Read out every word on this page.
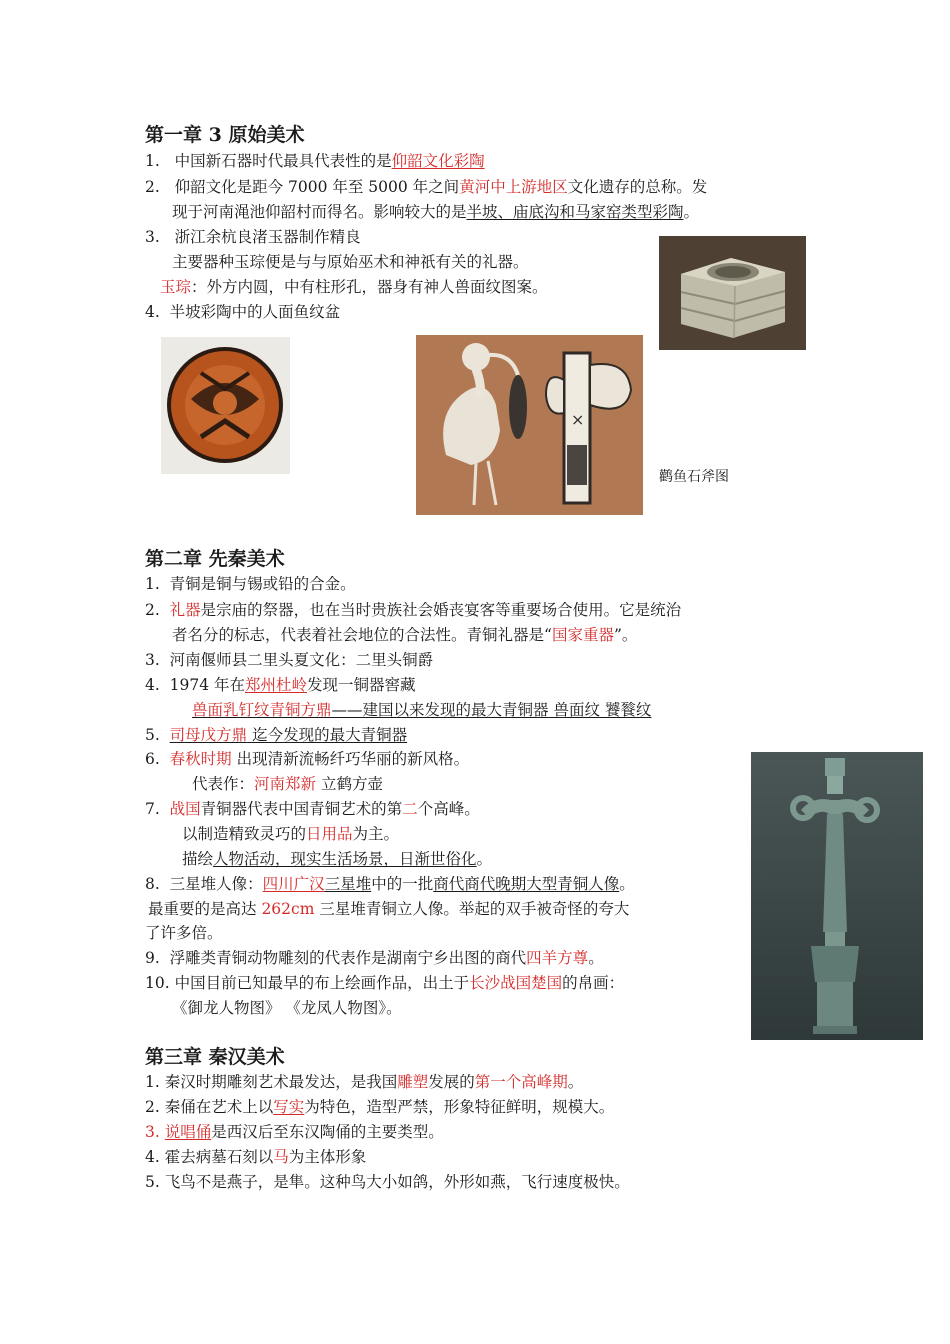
第一章 3 原始美术
1. 中国新石器时代最具代表性的是仰韶文化彩陶
2. 仰韶文化是距今 7000 年至 5000 年之间黄河中上游地区文化遗存的总称。发
现于河南渑池仰韶村而得名。影响较大的是半坡、庙底沟和马家窑类型彩陶。
3. 浙江余杭良渚玉器制作精良
主要器种玉琮便是与与原始巫术和神祇有关的礼器。
玉琮：外方内圆，中有柱形孔，器身有神人兽面纹图案。
4. 半坡彩陶中的人面鱼纹盆
×
鹳鱼石斧图
第二章 先秦美术
1. 青铜是铜与锡或铅的合金。
2. 礼器是宗庙的祭器，也在当时贵族社会婚丧宴客等重要场合使用。它是统治
者名分的标志，代表着社会地位的合法性。青铜礼器是“国家重器”。
3. 河南偃师县二里头夏文化：二里头铜爵
4. 1974 年在郑州杜岭发现一铜器窖藏
兽面乳钉纹青铜方鼎——建国以来发现的最大青铜器 兽面纹 饕餮纹
5. 司母戊方鼎 迄今发现的最大青铜器
6. 春秋时期 出现清新流畅纤巧华丽的新风格。
代表作：河南郑新 立鹤方壶
7. 战国青铜器代表中国青铜艺术的第二个高峰。
以制造精致灵巧的日用品为主。
描绘人物活动，现实生活场景，日渐世俗化。
8. 三星堆人像：四川广汉三星堆中的一批商代商代晚期大型青铜人像。
最重要的是高达 262cm 三星堆青铜立人像。举起的双手被奇怪的夸大
了许多倍。
9. 浮雕类青铜动物雕刻的代表作是湖南宁乡出图的商代四羊方尊。
10. 中国目前已知最早的布上绘画作品，出土于长沙战国楚国的帛画：
《御龙人物图》 《龙凤人物图》。
第三章 秦汉美术
1. 秦汉时期雕刻艺术最发达，是我国雕塑发展的第一个高峰期。
2. 秦俑在艺术上以写实为特色，造型严禁，形象特征鲜明，规模大。
3. 说唱俑是西汉后至东汉陶俑的主要类型。
4. 霍去病墓石刻以马为主体形象
5. 飞鸟不是燕子，是隼。这种鸟大小如鸽，外形如燕，飞行速度极快。
